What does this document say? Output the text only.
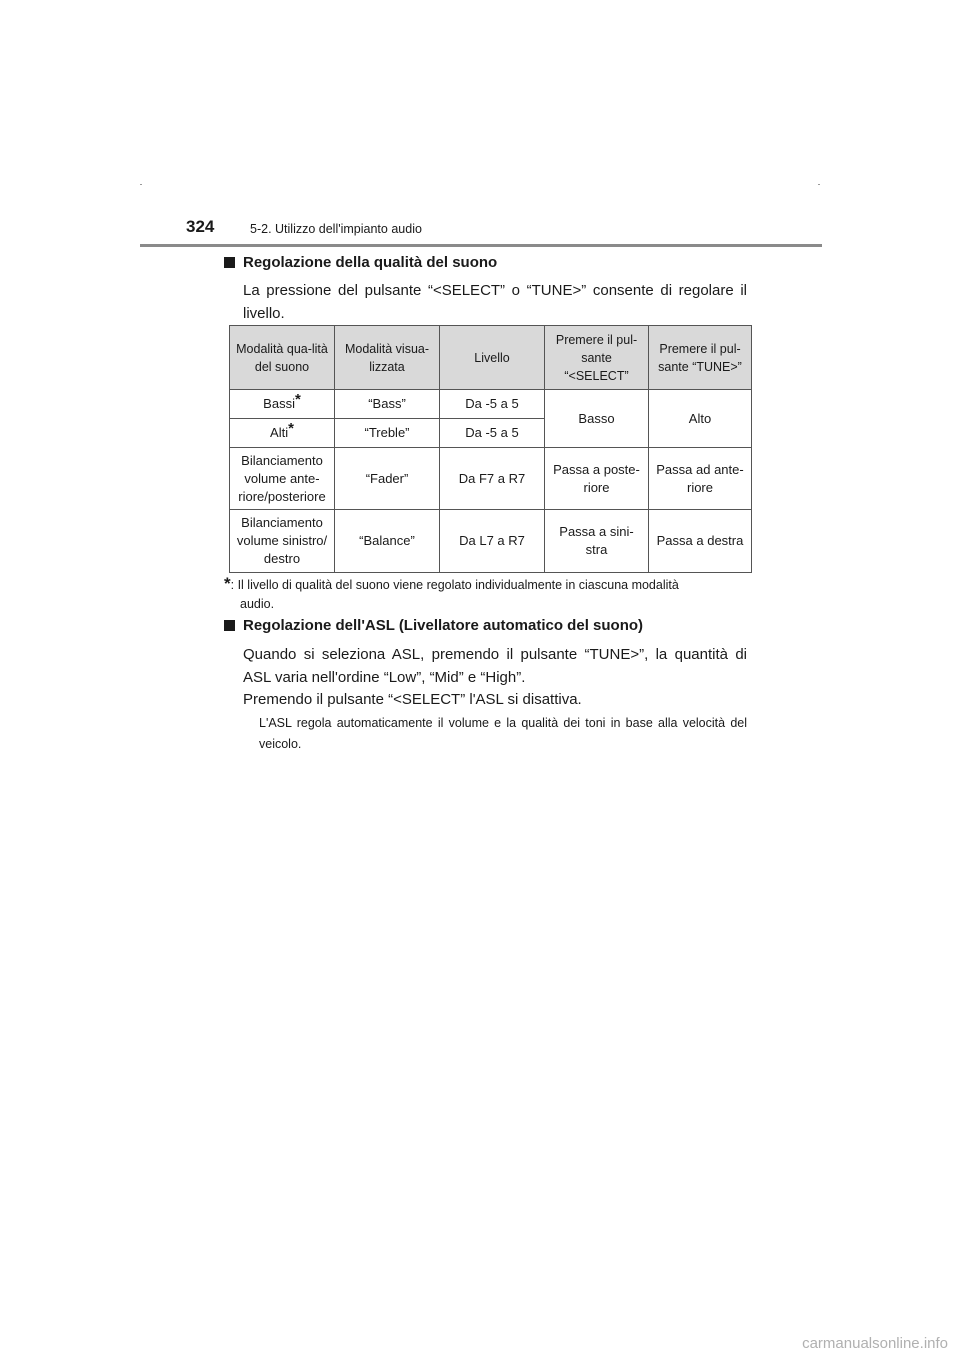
324	5-2. Utilizzo dell'impianto audio
Regolazione della qualità del suono
La pressione del pulsante “<SELECT” o “TUNE>” consente di regolare il livello.
Modalità qua-lità del suono	Modalità visua-lizzata	Livello	Premere il pul-sante “<SELECT”	Premere il pul-sante “TUNE>”
Bassi*	“Bass”	Da -5 a 5	Basso	Alto
Alti*	“Treble”	Da -5 a 5		
Bilanciamento volume ante-riore/posteriore	“Fader”	Da F7 a R7	Passa a poste-riore	Passa ad ante-riore
Bilanciamento volume sinistro/ destro	“Balance”	Da L7 a R7	Passa a sini-stra	Passa a destra
*: Il livello di qualità del suono viene regolato individualmente in ciascuna modalità
audio.
Regolazione dell'ASL (Livellatore automatico del suono)
Quando si seleziona ASL, premendo il pulsante “TUNE>”, la quantità di ASL varia nell'ordine “Low”, “Mid” e “High”.
Premendo il pulsante “<SELECT” l'ASL si disattiva.
L'ASL regola automaticamente il volume e la qualità dei toni in base alla velocità del veicolo.
carmanualsonline.info
